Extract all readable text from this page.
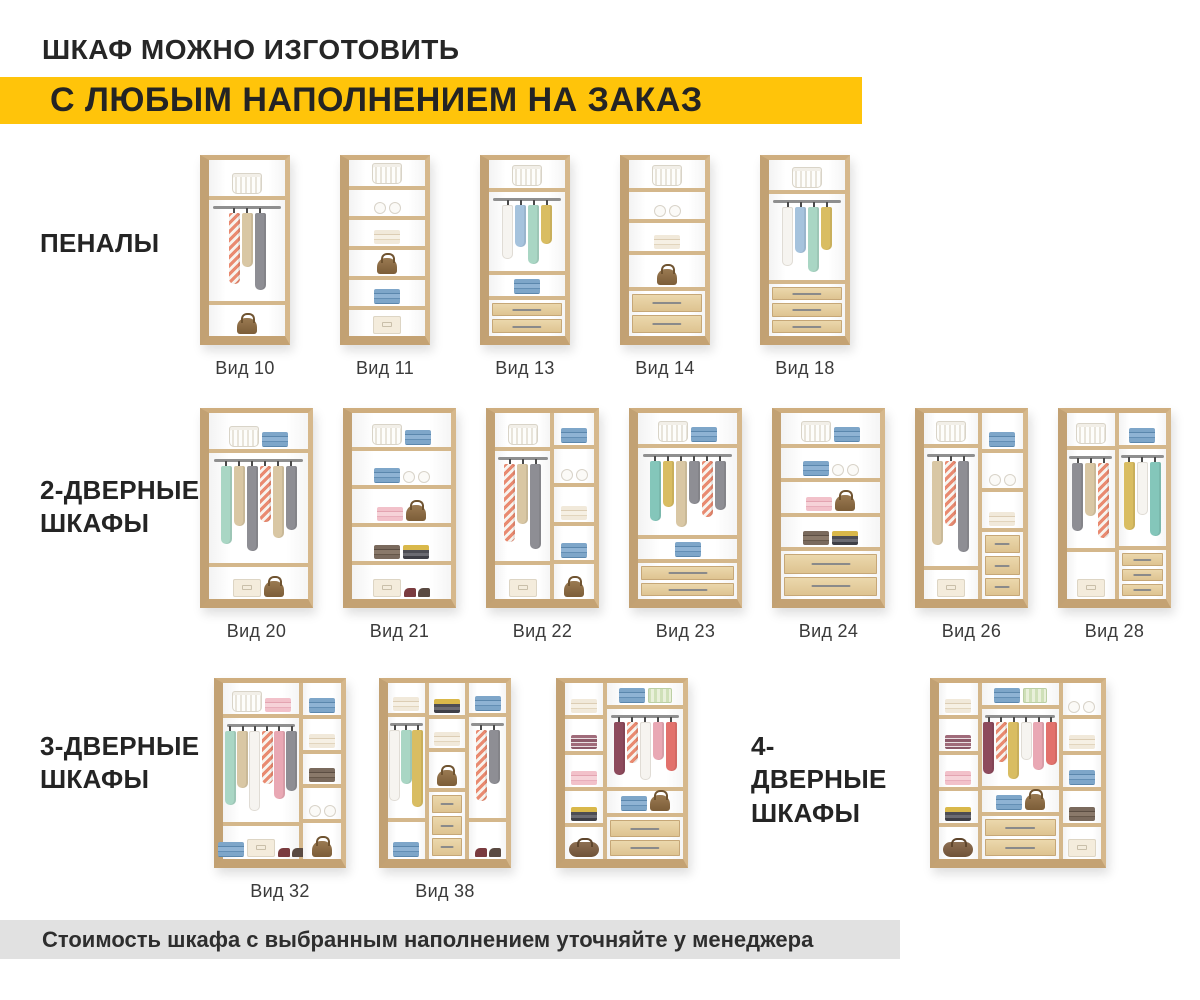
ШКАФ МОЖНО ИЗГОТОВИТЬ
С ЛЮБЫМ НАПОЛНЕНИЕМ НА ЗАКАЗ
ПЕНАЛЫ
Вид 10	Вид 11	Вид 13	Вид 14	Вид 18
2-ДВЕРНЫЕ
ШКАФЫ
Вид 20	Вид 21	Вид 22	Вид 23	Вид 24	Вид 26	Вид 28
3-ДВЕРНЫЕ
ШКАФЫ
Вид 32	Вид 38
4-ДВЕРНЫЕ
ШКАФЫ
Стоимость шкафа с выбранным наполнением уточняйте у менеджера
